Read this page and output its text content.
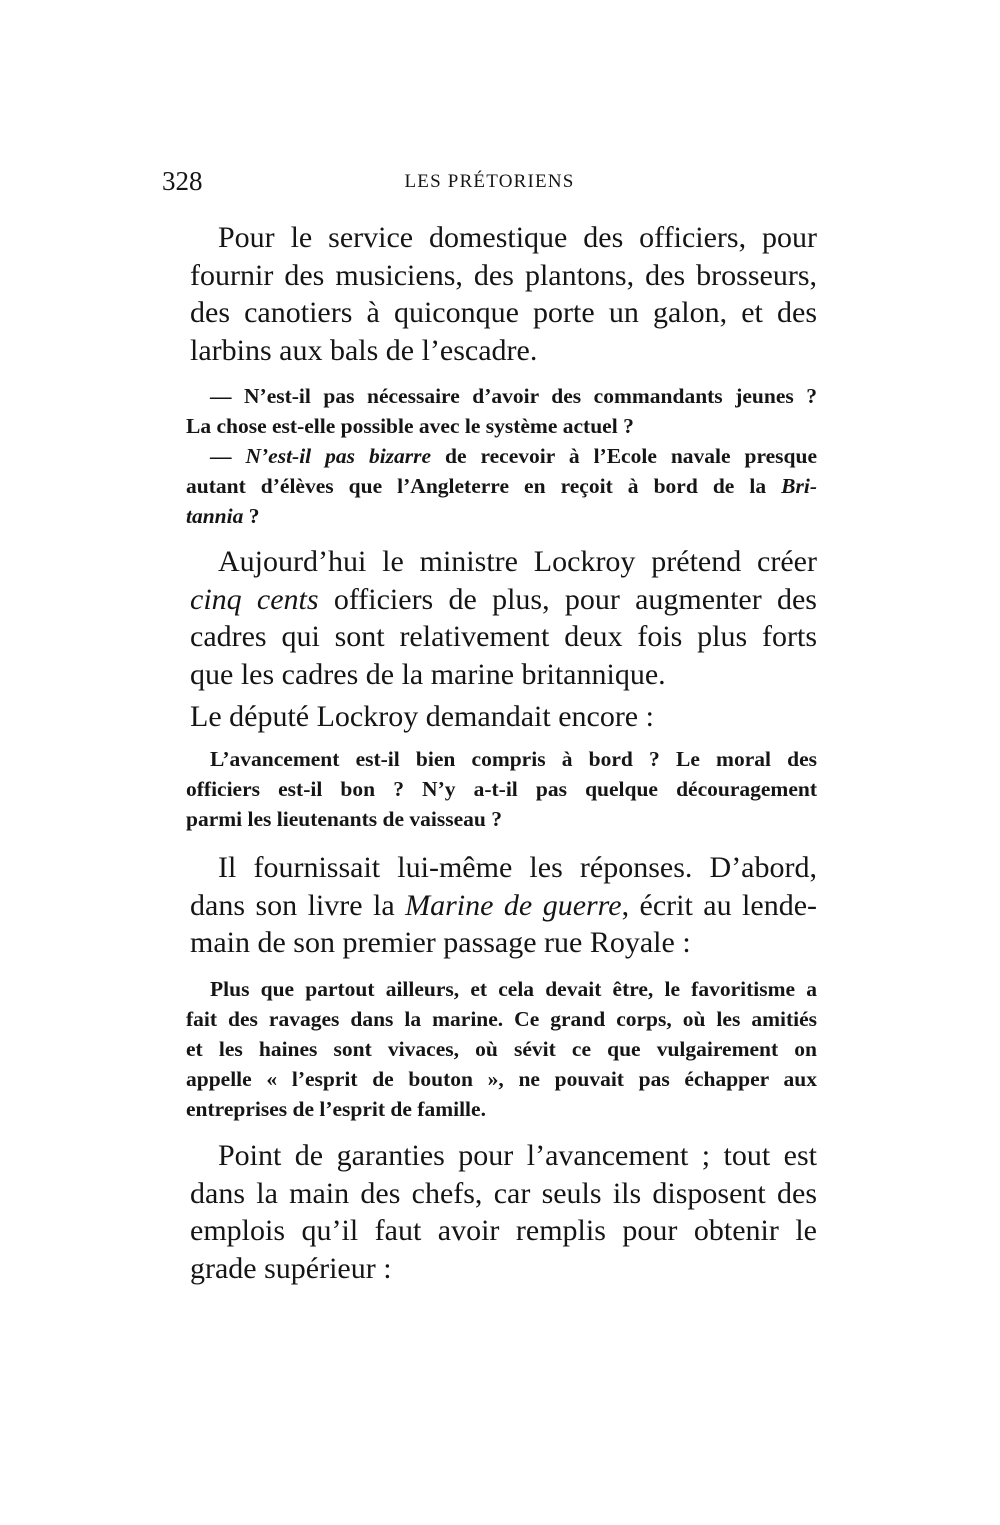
328	LES PRÉTORIENS
Pour le service domestique des officiers, pour
fournir des musiciens, des plantons, des brosseurs,
des canotiers à quiconque porte un galon, et des
larbins aux bals de l’escadre.
— N’est-il pas nécessaire d’avoir des commandants jeunes ?
La chose est-elle possible avec le système actuel ?
— N’est-il pas bizarre de recevoir à l’Ecole navale presque
autant d’élèves que l’Angleterre en reçoit à bord de la Bri-
tannia ?
Aujourd’hui le ministre Lockroy prétend créer
cinq cents officiers de plus, pour augmenter des
cadres qui sont relativement deux fois plus forts
que les cadres de la marine britannique.
Le député Lockroy demandait encore :
L’avancement est-il bien compris à bord ? Le moral des
officiers est-il bon ? N’y a-t-il pas quelque découragement
parmi les lieutenants de vaisseau ?
Il fournissait lui-même les réponses. D’abord,
dans son livre la Marine de guerre, écrit au lende-
main de son premier passage rue Royale :
Plus que partout ailleurs, et cela devait être, le favoritisme a
fait des ravages dans la marine. Ce grand corps, où les amitiés
et les haines sont vivaces, où sévit ce que vulgairement on
appelle « l’esprit de bouton », ne pouvait pas échapper aux
entreprises de l’esprit de famille.
Point de garanties pour l’avancement ; tout est
dans la main des chefs, car seuls ils disposent des
emplois qu’il faut avoir remplis pour obtenir le
grade supérieur :
